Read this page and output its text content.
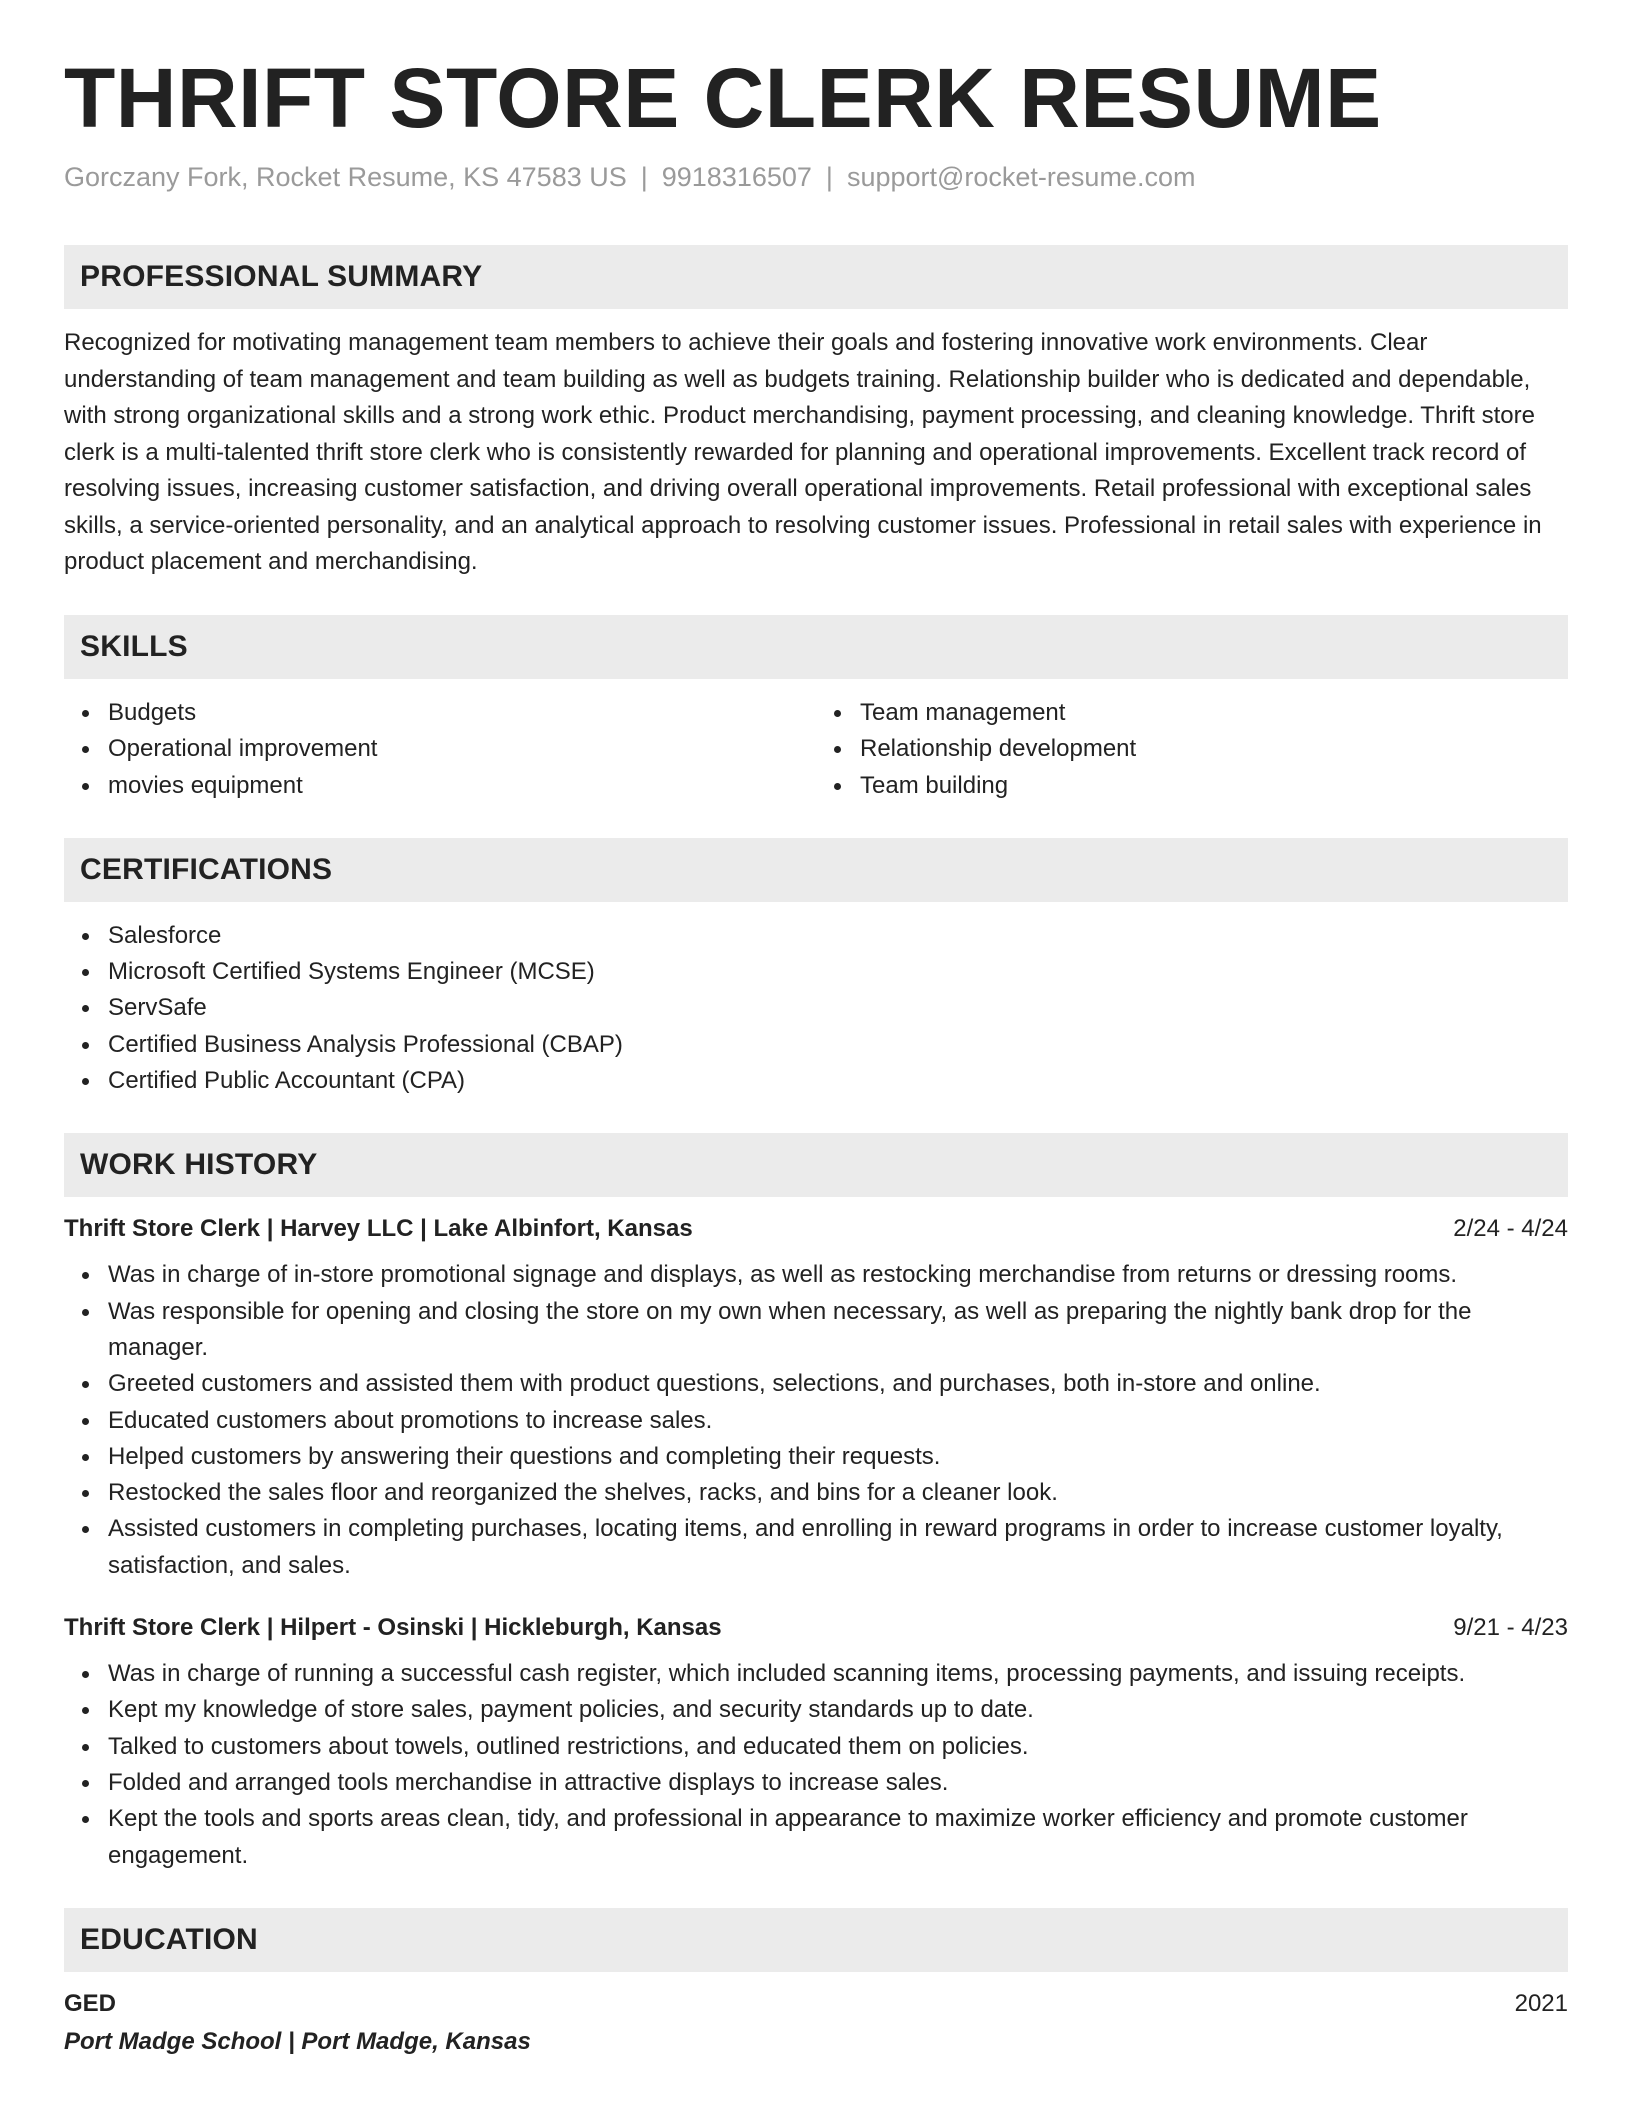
THRIFT STORE CLERK RESUME
Gorczany Fork, Rocket Resume, KS 47583 US | 9918316507 | support@rocket-resume.com
PROFESSIONAL SUMMARY

Recognized for motivating management team members to achieve their goals and fostering innovative work environments. Clear understanding of team management and team building as well as budgets training. Relationship builder who is dedicated and dependable, with strong organizational skills and a strong work ethic. Product merchandising, payment processing, and cleaning knowledge. Thrift store clerk is a multi-talented thrift store clerk who is consistently rewarded for planning and operational improvements. Excellent track record of resolving issues, increasing customer satisfaction, and driving overall operational improvements. Retail professional with exceptional sales skills, a service-oriented personality, and an analytical approach to resolving customer issues. Professional in retail sales with experience in product placement and merchandising.

SKILLS
Budgets
Operational improvement
movies equipment
Team management
Relationship development
Team building
CERTIFICATIONS
Salesforce
Microsoft Certified Systems Engineer (MCSE)
ServSafe
Certified Business Analysis Professional (CBAP)
Certified Public Accountant (CPA)
WORK HISTORY
Thrift Store Clerk | Harvey LLC | Lake Albinfort, Kansas	2/24 - 4/24
Was in charge of in-store promotional signage and displays, as well as restocking merchandise from returns or dressing rooms.
Was responsible for opening and closing the store on my own when necessary, as well as preparing the nightly bank drop for the manager.
Greeted customers and assisted them with product questions, selections, and purchases, both in-store and online.
Educated customers about promotions to increase sales.
Helped customers by answering their questions and completing their requests.
Restocked the sales floor and reorganized the shelves, racks, and bins for a cleaner look.
Assisted customers in completing purchases, locating items, and enrolling in reward programs in order to increase customer loyalty, satisfaction, and sales.
Thrift Store Clerk | Hilpert - Osinski | Hickleburgh, Kansas	9/21 - 4/23
Was in charge of running a successful cash register, which included scanning items, processing payments, and issuing receipts.
Kept my knowledge of store sales, payment policies, and security standards up to date.
Talked to customers about towels, outlined restrictions, and educated them on policies.
Folded and arranged tools merchandise in attractive displays to increase sales.
Kept the tools and sports areas clean, tidy, and professional in appearance to maximize worker efficiency and promote customer engagement.
EDUCATION
GED	2021
Port Madge School | Port Madge, Kansas
